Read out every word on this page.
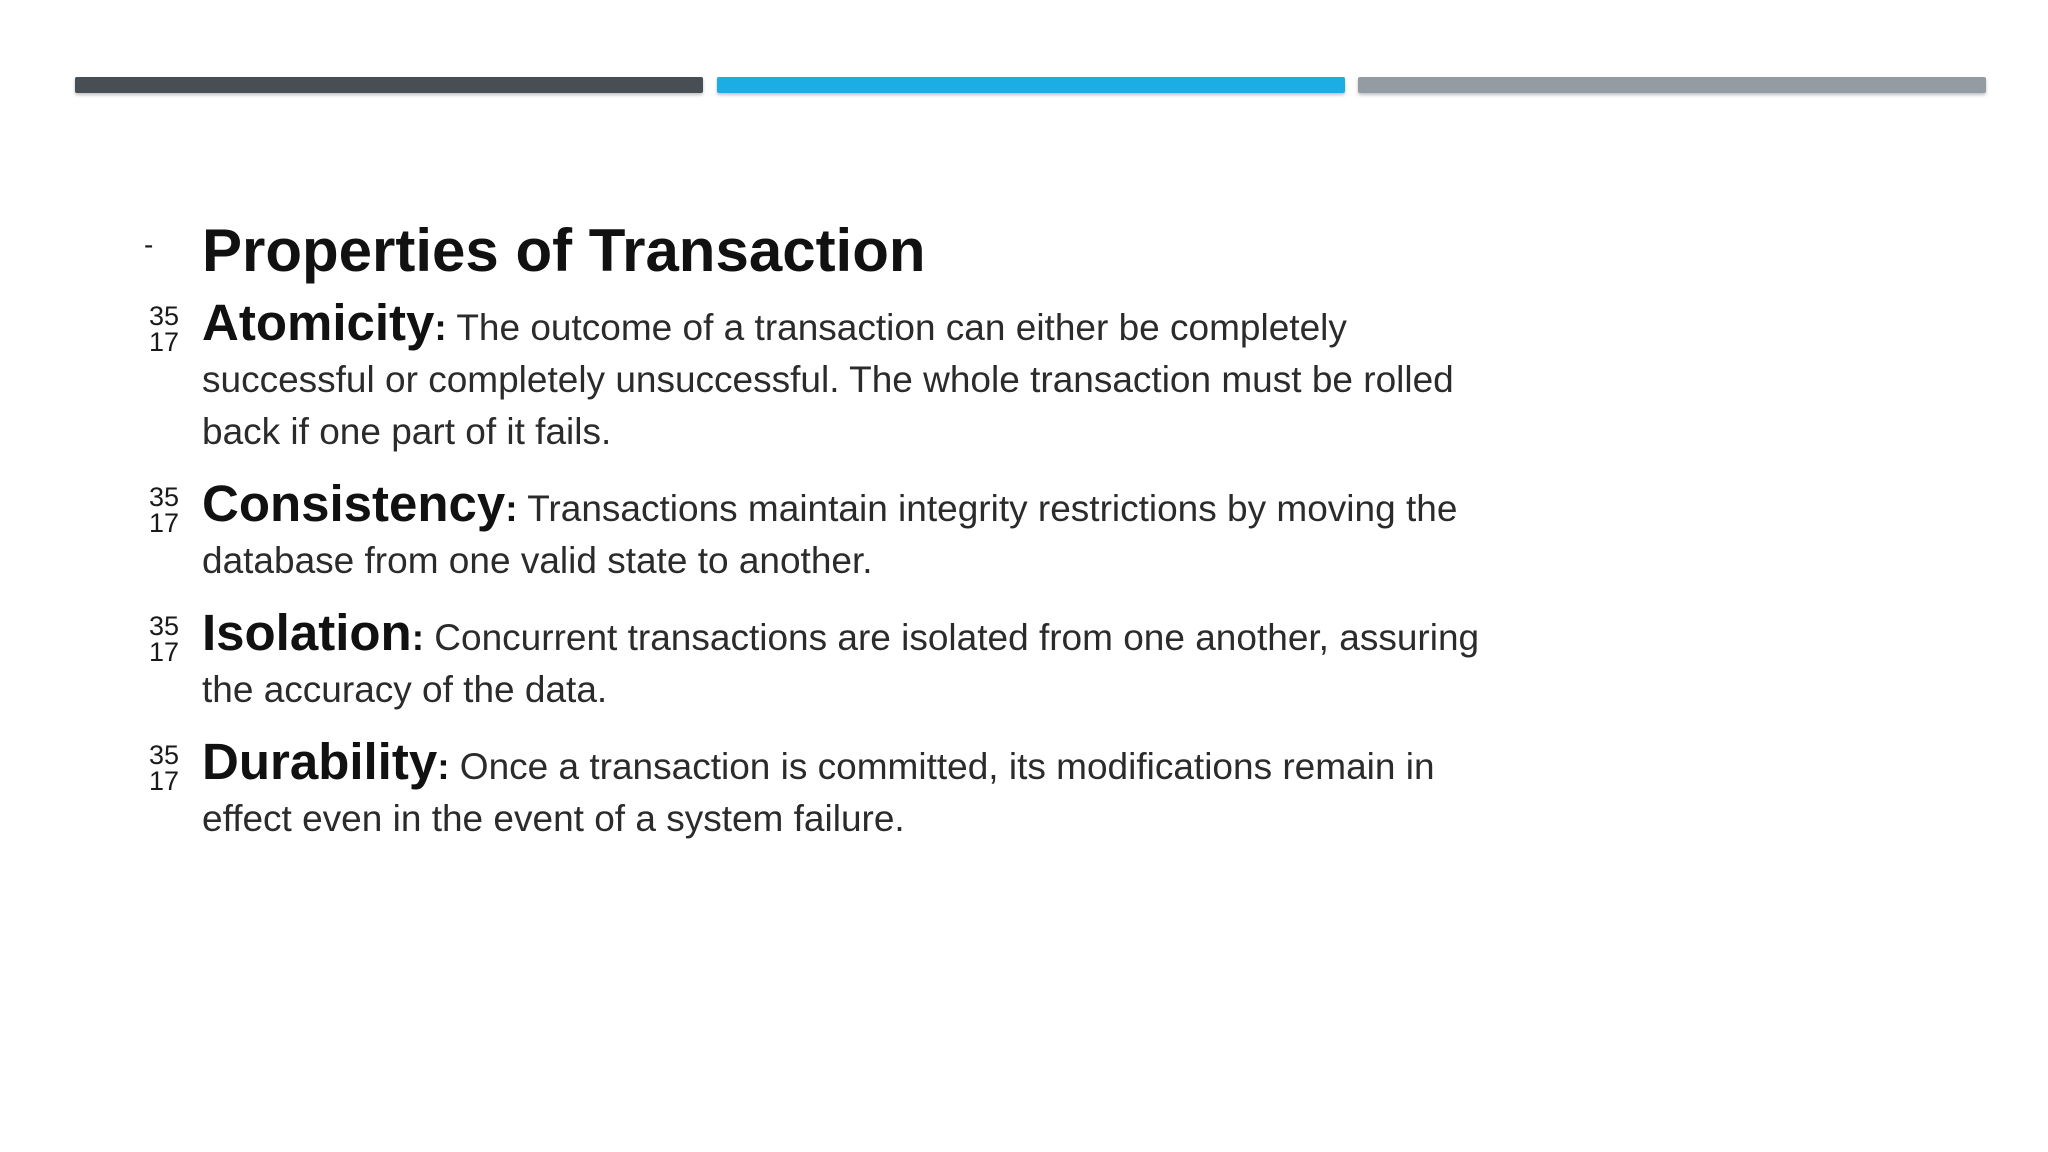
- Properties of Transaction
35
17 Atomicity: The outcome of a transaction can either be completely successful or completely unsuccessful. The whole transaction must be rolled back if one part of it fails.
35
17 Consistency: Transactions maintain integrity restrictions by moving the database from one valid state to another.
35
17 Isolation: Concurrent transactions are isolated from one another, assuring the accuracy of the data.
35
17 Durability: Once a transaction is committed, its modifications remain in effect even in the event of a system failure.
